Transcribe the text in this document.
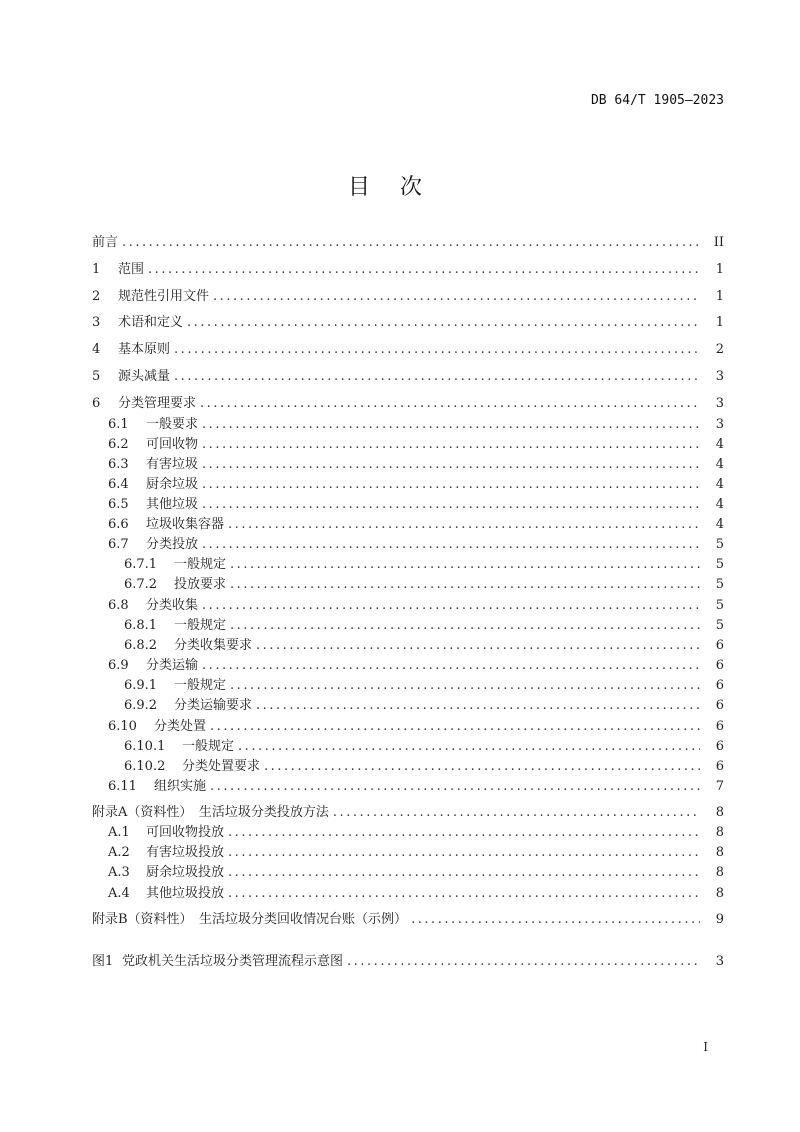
DB 64/T 1905—2023
目次
前言 . . .	II
1	范围 . . .	1
2	规范性引用文件 . . .	1
3	术语和定义 . . .	1
4	基本原则 . . .	2
5	源头减量 . . .	3
6	分类管理要求 . . .	3
6.1	一般要求 . . .	3
6.2	可回收物 . . .	4
6.3	有害垃圾 . . .	4
6.4	厨余垃圾 . . .	4
6.5	其他垃圾 . . .	4
6.6	垃圾收集容器 . . .	4
6.7	分类投放 . . .	5
6.7.1	一般规定 . . .	5
6.7.2	投放要求 . . .	5
6.8	分类收集 . . .	5
6.8.1	一般规定 . . .	5
6.8.2	分类收集要求 . . .	6
6.9	分类运输 . . .	6
6.9.1	一般规定 . . .	6
6.9.2	分类运输要求 . . .	6
6.10	分类处置 . . .	6
6.10.1	一般规定 . . .	6
6.10.2	分类处置要求 . . .	6
6.11	组织实施 . . .	7
附录A（资料性）　生活垃圾分类投放方法 . . .	8
A.1	可回收物投放 . . .	8
A.2	有害垃圾投放 . . .	8
A.3	厨余垃圾投放 . . .	8
A.4	其他垃圾投放 . . .	8
附录B（资料性）　生活垃圾分类回收情况台账（示例） . . .	9
图1 党政机关生活垃圾分类管理流程示意图 . . .	3
I
